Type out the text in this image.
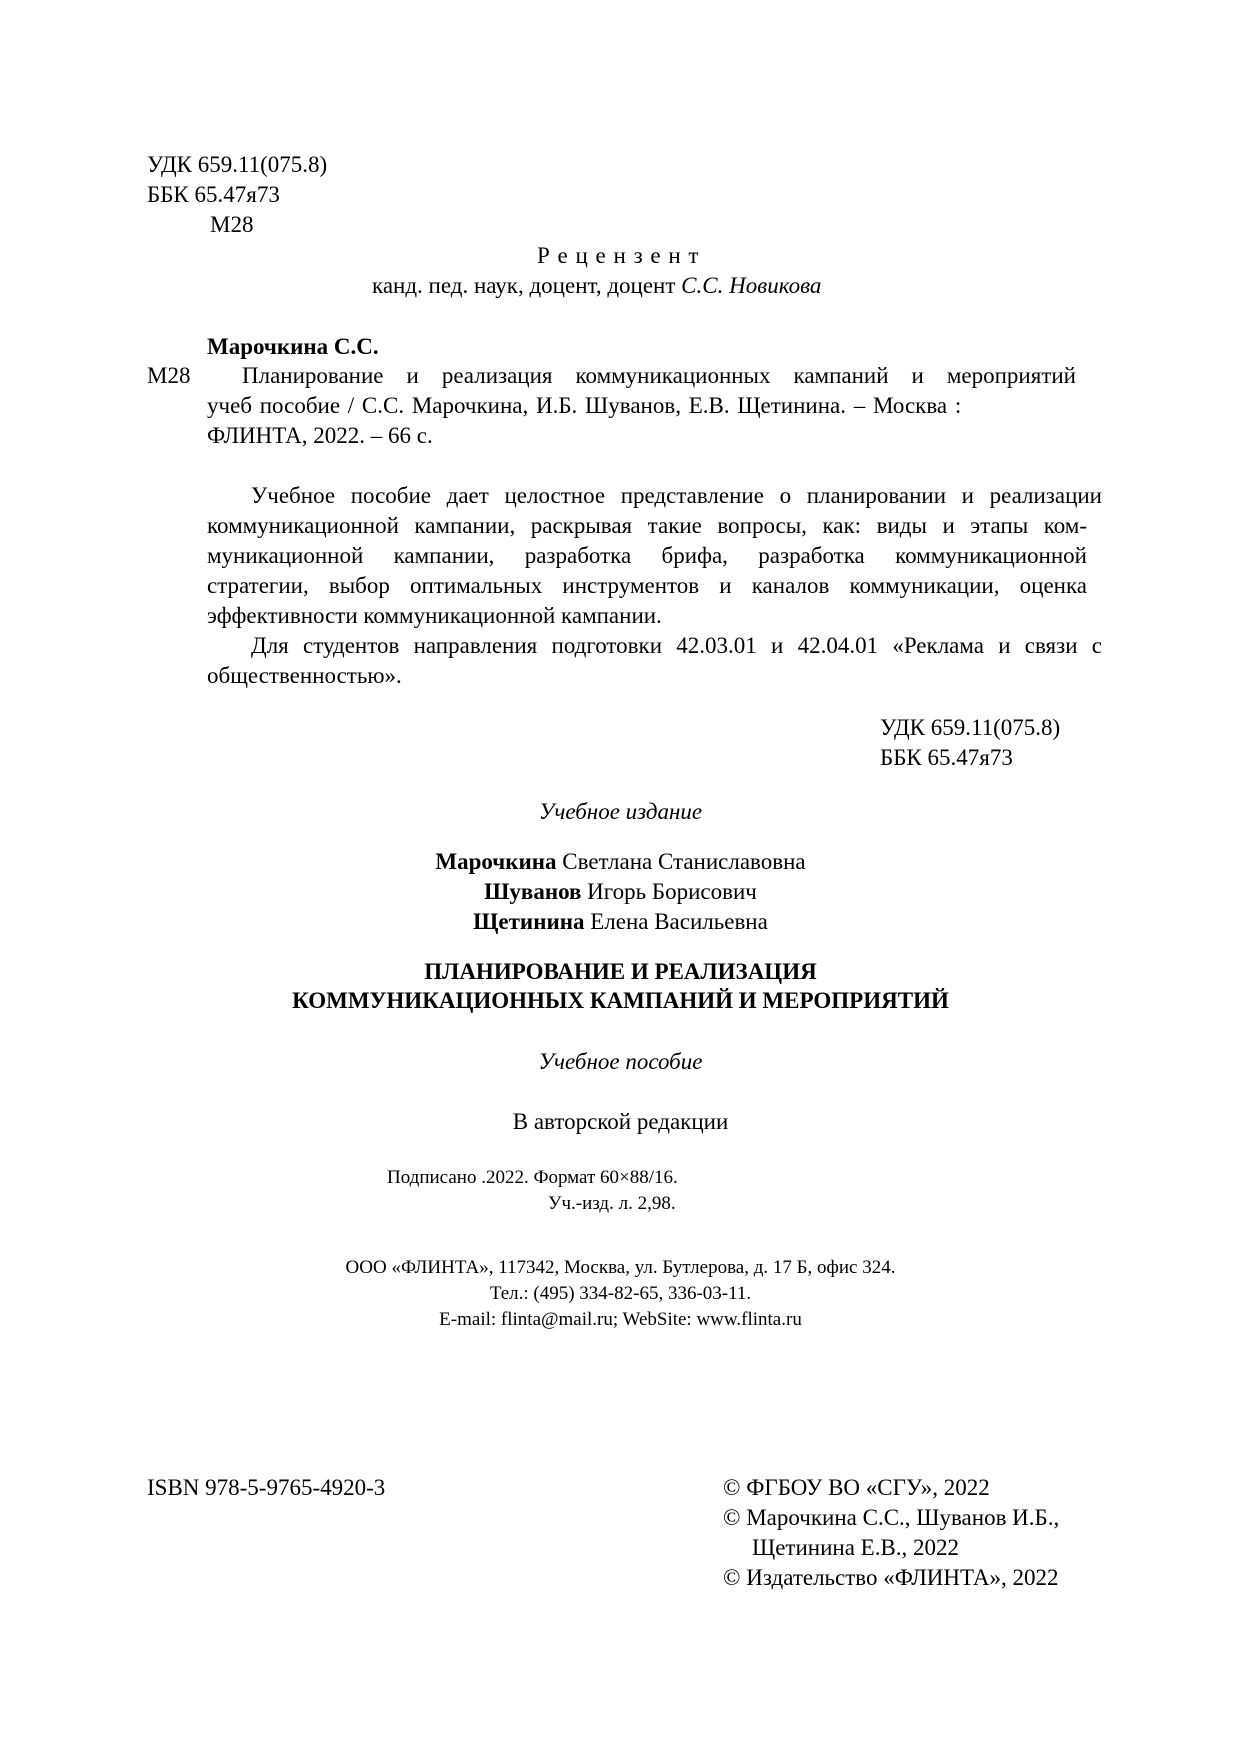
УДК 659.11(075.8)
ББК 65.47я73
М28
Р е ц е н з е н т
канд. пед. наук, доцент, доцент С.С. Новикова
Марочкина С.С.
М28 Планирование и реализация коммуникационных кампаний и мероприятий
учеб пособие / С.С. Марочкина, И.Б. Шуванов, Е.В. Щетинина. – Москва :
ФЛИНТА, 2022. – 66 с.
Учебное пособие дает целостное представление о планировании и реализации
коммуникационной кампании, раскрывая такие вопросы, как: виды и этапы ком-
муникационной кампании, разработка брифа, разработка коммуникационной
стратегии, выбор оптимальных инструментов и каналов коммуникации, оценка
эффективности коммуникационной кампании.
Для студентов направления подготовки 42.03.01 и 42.04.01 «Реклама и связи с
общественностью».
УДК 659.11(075.8)
ББК 65.47я73
Учебное издание
Марочкина Светлана Станиславовна
Шуванов Игорь Борисович
Щетинина Елена Васильевна
ПЛАНИРОВАНИЕ И РЕАЛИЗАЦИЯ
КОММУНИКАЦИОННЫХ КАМПАНИЙ И МЕРОПРИЯТИЙ
Учебное пособие
В авторской редакции
Подписано .2022. Формат 60×88/16.
Уч.-изд. л. 2,98.
ООО «ФЛИНТА», 117342, Москва, ул. Бутлерова, д. 17 Б, офис 324.
Тел.: (495) 334-82-65, 336-03-11.
E-mail: flinta@mail.ru; WebSite: www.flinta.ru
ISBN 978-5-9765-4920-3	© ФГБОУ ВО «СГУ», 2022
© Марочкина С.С., Шуванов И.Б.,
Щетинина Е.В., 2022
© Издательство «ФЛИНТА», 2022
